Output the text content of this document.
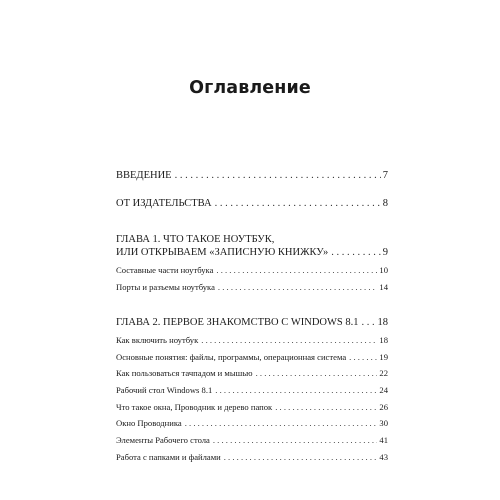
Оглавление
ВВЕДЕНИЕ . . .	7
ОТ ИЗДАТЕЛЬСТВА . . .	8
ГЛАВА 1. ЧТО ТАКОЕ НОУТБУК,
ИЛИ ОТКРЫВАЕМ «ЗАПИСНУЮ КНИЖКУ» . . .	9
Составные части ноутбука . . .	10
Порты и разъемы ноутбука . . .	14
ГЛАВА 2. ПЕРВОЕ ЗНАКОМСТВО С WINDOWS 8.1 . . . 18
Как включить ноутбук . . .	18
Основные понятия: файлы, программы, операционная система . . .	19
Как пользоваться тачпадом и мышью . . .	22
Рабочий стол Windows 8.1 . . .	24
Что такое окна, Проводник и дерево папок . . .	26
Окно Проводника . . .	30
Элементы Рабочего стола . . .	41
Работа с папками и файлами . . .	43
